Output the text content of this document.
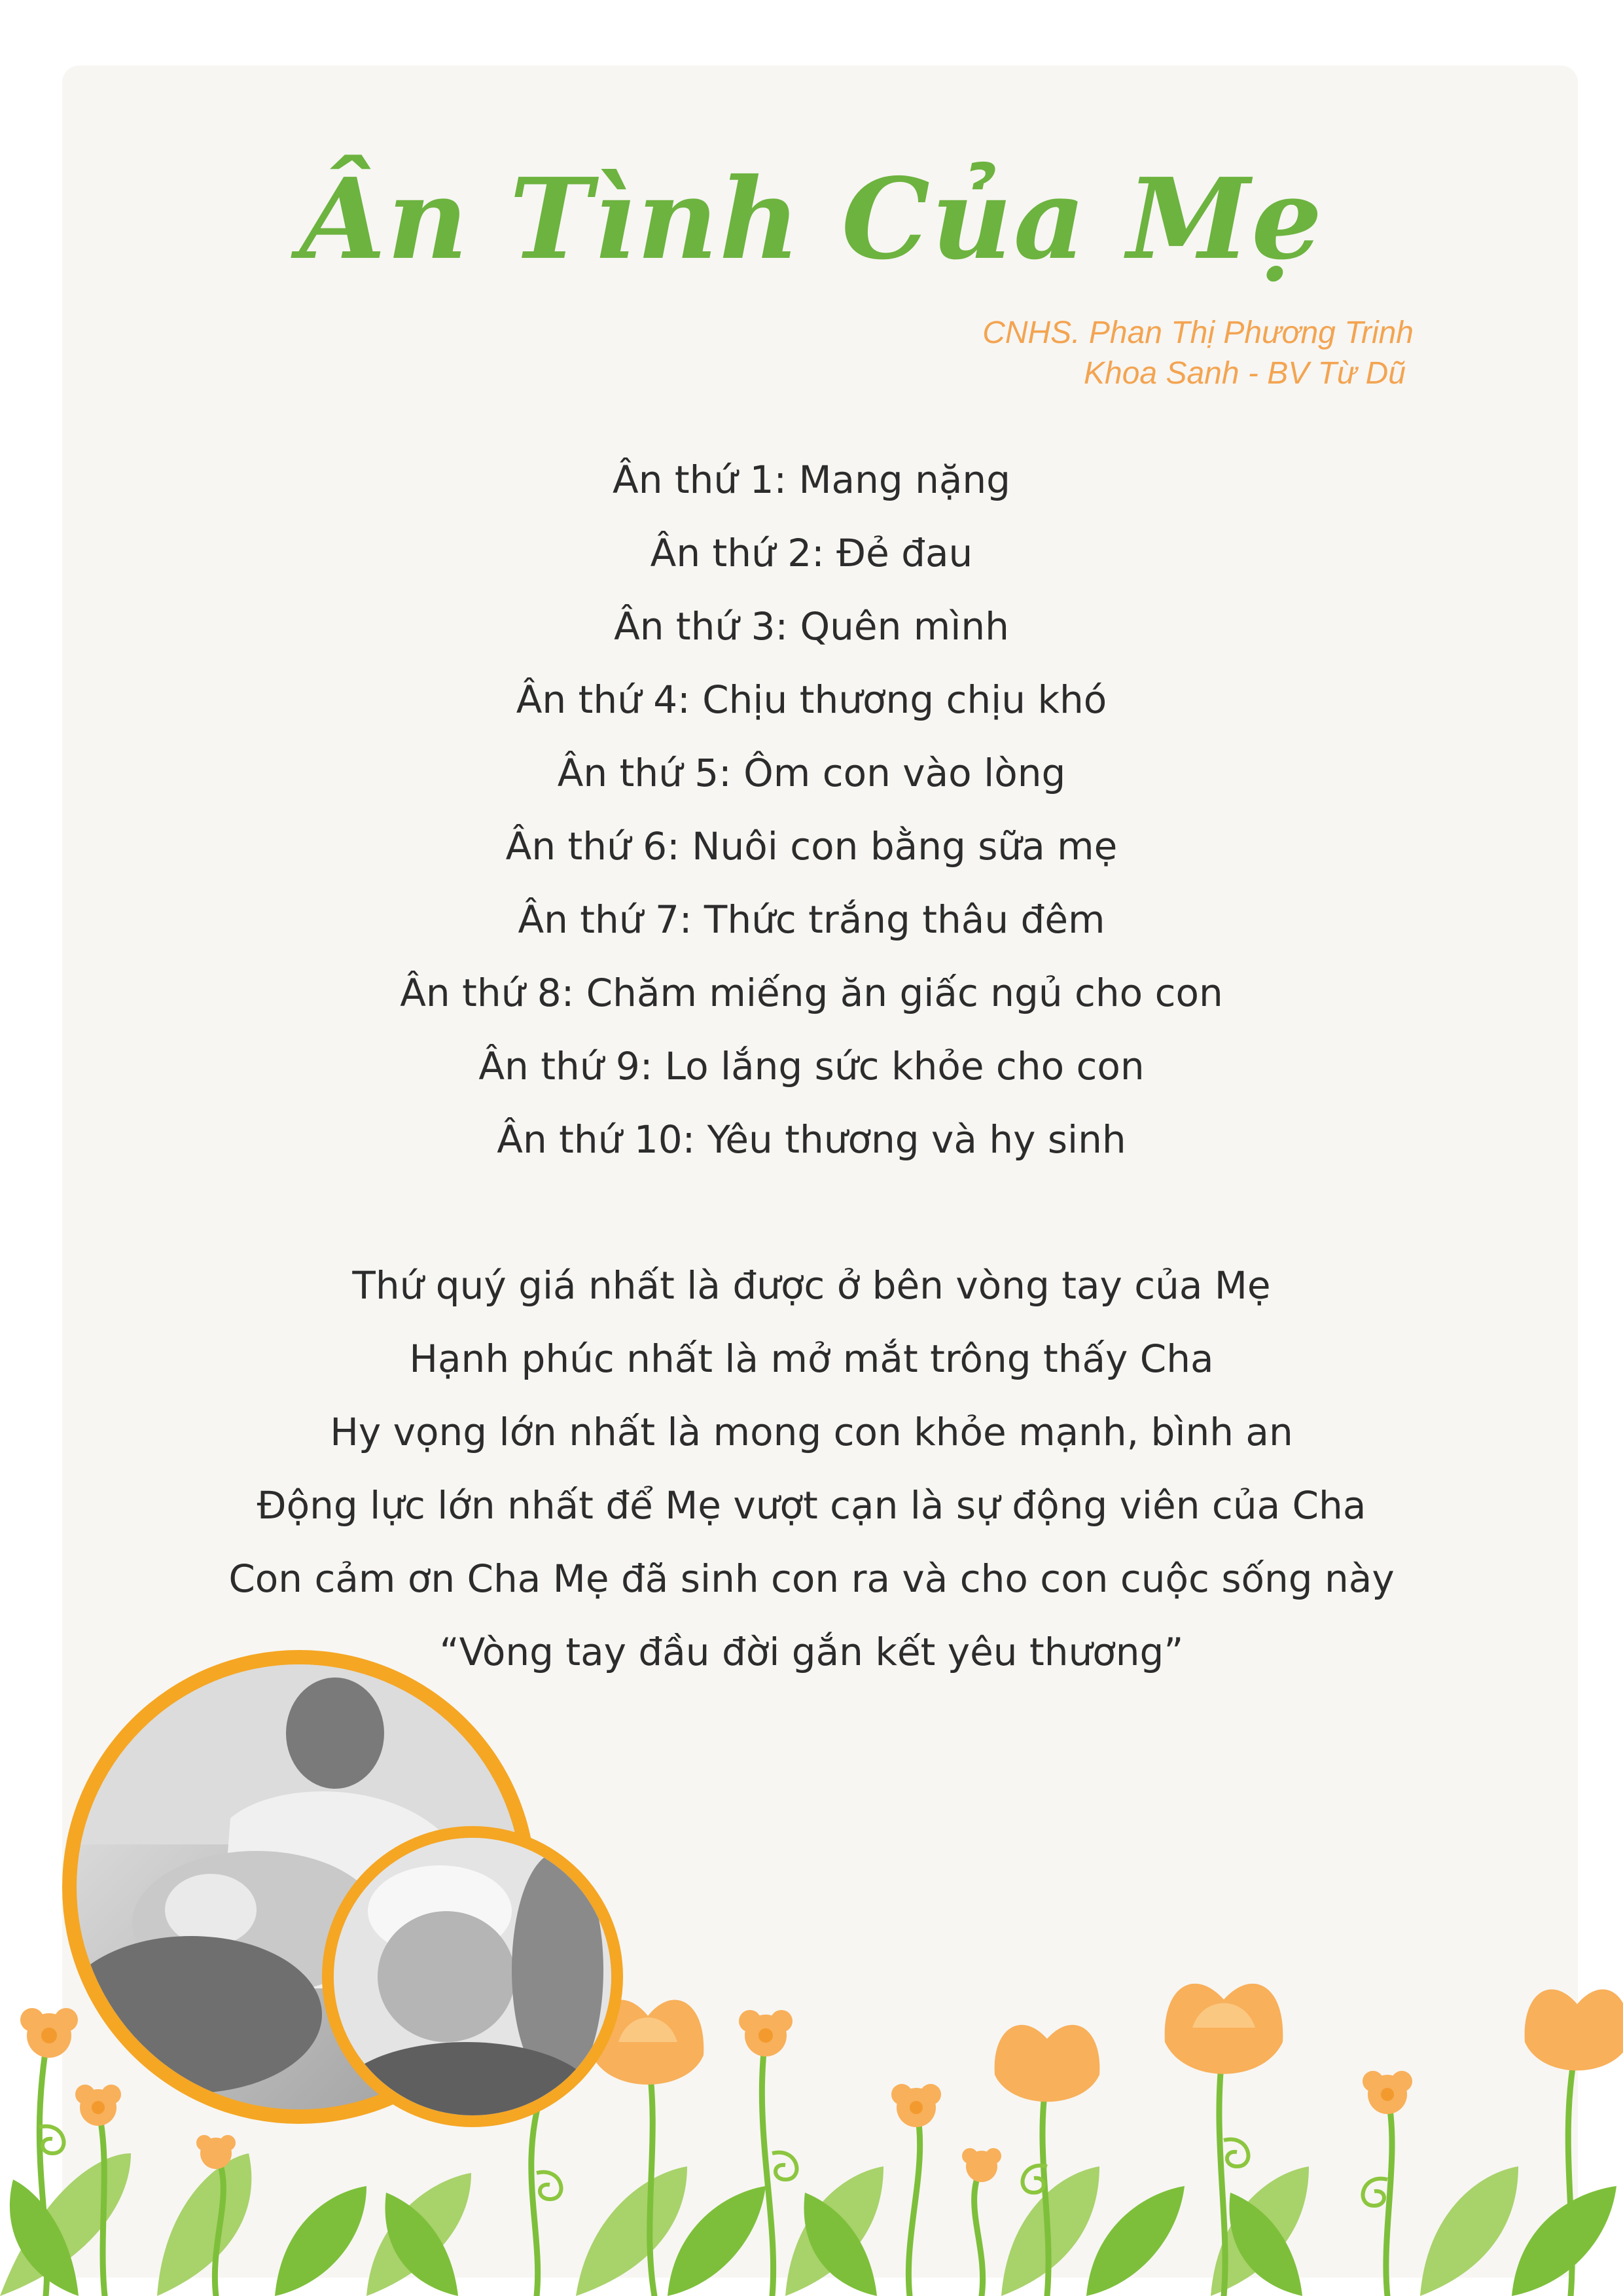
Ân Tình Của Mẹ
CNHS. Phan Thị Phương Trinh
Khoa Sanh - BV Từ Dũ
Ân thứ 1: Mang nặng
Ân thứ 2: Đẻ đau
Ân thứ 3: Quên mình
Ân thứ 4: Chịu thương chịu khó
Ân thứ 5: Ôm con vào lòng
Ân thứ 6: Nuôi con bằng sữa mẹ
Ân thứ 7: Thức trắng thâu đêm
Ân thứ 8: Chăm miếng ăn giấc ngủ cho con
Ân thứ 9: Lo lắng sức khỏe cho con
Ân thứ 10: Yêu thương và hy sinh
Thứ quý giá nhất là được ở bên vòng tay của Mẹ
Hạnh phúc nhất là mở mắt trông thấy Cha
Hy vọng lớn nhất là mong con khỏe mạnh, bình an
Động lực lớn nhất để Mẹ vượt cạn là sự động viên của Cha
Con cảm ơn Cha Mẹ đã sinh con ra và cho con cuộc sống này
“Vòng tay đầu đời gắn kết yêu thương”
